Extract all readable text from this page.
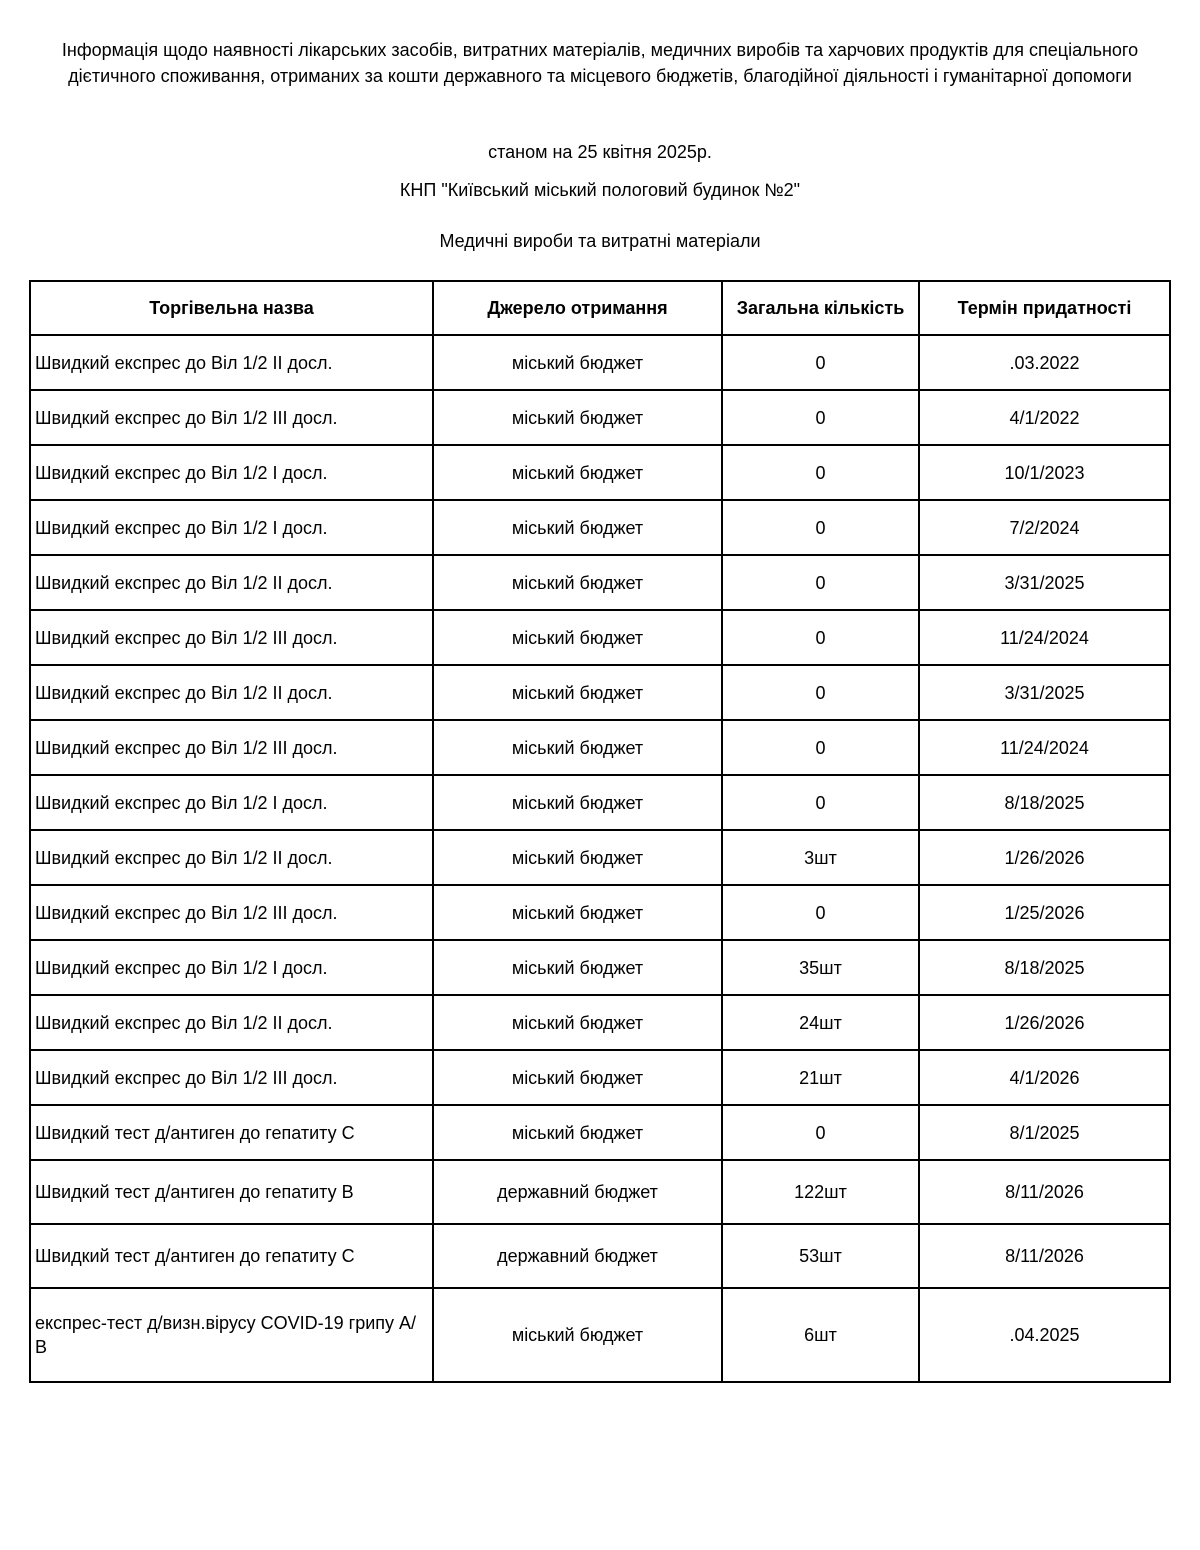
Інформація щодо наявності лікарських засобів, витратних матеріалів, медичних виробів та харчових продуктів для спеціального дієтичного споживання, отриманих за кошти державного та місцевого бюджетів, благодійної діяльності і гуманітарної допомоги
станом на 25 квітня 2025р.
КНП "Київський міський пологовий будинок №2"
Медичні вироби та витратні матеріали
Торгівельна назва	Джерело отримання	Загальна кількість	Термін придатності
Швидкий експрес до Віл 1/2 ІІ досл.	міський бюджет	0	.03.2022
Швидкий експрес до Віл 1/2 ІІІ досл.	міський бюджет	0	4/1/2022
Швидкий експрес до Віл 1/2 І досл.	міський бюджет	0	10/1/2023
Швидкий експрес до Віл 1/2 І досл.	міський бюджет	0	7/2/2024
Швидкий експрес до Віл 1/2 ІІ досл.	міський бюджет	0	3/31/2025
Швидкий експрес до Віл 1/2 ІІІ досл.	міський бюджет	0	11/24/2024
Швидкий експрес до Віл 1/2 ІІ досл.	міський бюджет	0	3/31/2025
Швидкий експрес до Віл 1/2 ІІІ досл.	міський бюджет	0	11/24/2024
Швидкий експрес до Віл 1/2 І досл.	міський бюджет	0	8/18/2025
Швидкий експрес до Віл 1/2 ІІ досл.	міський бюджет	3шт	1/26/2026
Швидкий експрес до Віл 1/2 ІІІ досл.	міський бюджет	0	1/25/2026
Швидкий експрес до Віл 1/2 І досл.	міський бюджет	35шт	8/18/2025
Швидкий експрес до Віл 1/2 ІІ досл.	міський бюджет	24шт	1/26/2026
Швидкий експрес до Віл 1/2 ІІІ досл.	міський бюджет	21шт	4/1/2026
Швидкий тест д/антиген до гепатиту С	міський бюджет	0	8/1/2025
Швидкий тест д/антиген до гепатиту В	державний бюджет	122шт	8/11/2026
Швидкий тест д/антиген до гепатиту С	державний бюджет	53шт	8/11/2026
експрес-тест д/визн.вірусу COVID-19 грипу А/В	міський бюджет	6шт	.04.2025
